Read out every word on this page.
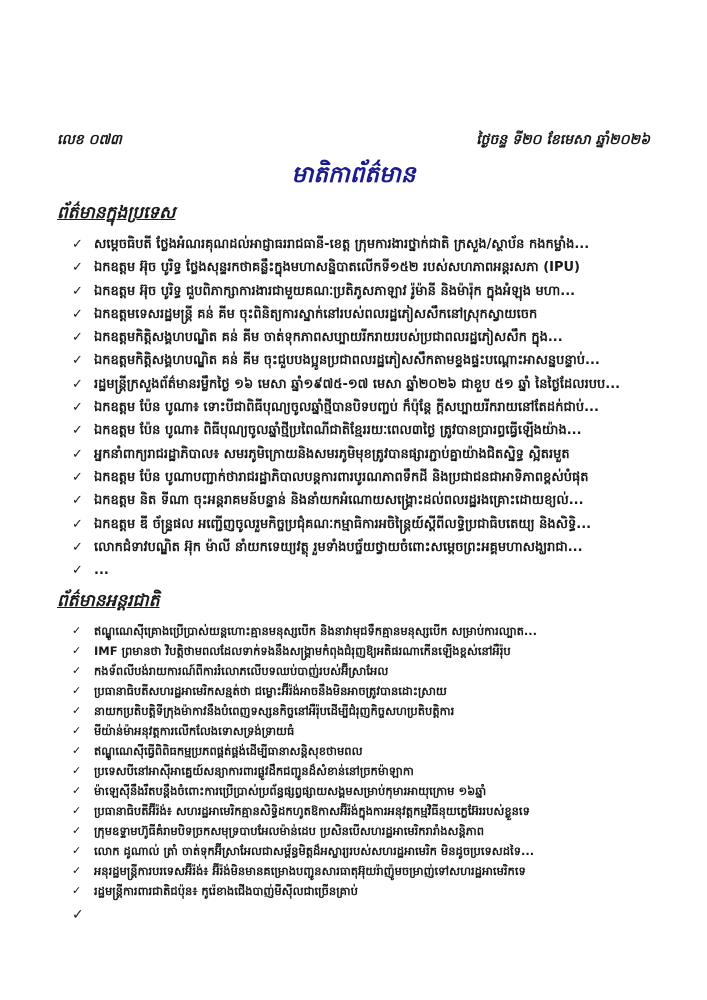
លេខ ០៧៣	ថ្ងៃចន្ទ ទី២០ ខែមេសា ឆ្នាំ២០២៦
មាតិកាព័ត៌មាន
ព័ត៌មានក្នុងប្រទេស
✓ សម្តេចធិបតី ថ្លែងអំណរគុណដល់អាជ្ញាធររាជធានី-ខេត្ត ក្រុមការងារថ្នាក់ជាតិ ក្រសួង/ស្ថាប័ន កងកម្លាំង...
✓ ឯកឧត្តម អ៊ុច បូរិទ្ធ ថ្លែងសុន្ទរកថាគន្លឹះក្នុងមហាសន្និបាតលើកទី១៥២ របស់សហភាពអន្តរសភា (IPU)
✓ ឯកឧត្តម អ៊ុច បូរិទ្ធ ជួបពិភាក្សាការងារជាមួយគណៈប្រតិភូសភាឡាវ រ៉ូម៉ានី និងម៉ារ៉ុក ក្នុងអំឡុង មហា...
✓ ឯកឧត្តមទេសរដ្ឋមន្ត្រី គន់ គីម ចុះពិនិត្យការស្នាក់នៅរបស់ពលរដ្ឋភៀសសឹកនៅស្រុកស្វាយចេក
✓ ឯកឧត្តមកិត្តិសង្គហបណ្ឌិត គន់ គីម ចាត់ទុកភាពសប្បាយរីករាយរបស់ប្រជាពលរដ្ឋភៀសសឹក ក្នុង...
✓ ឯកឧត្តមកិត្តិសង្គហបណ្ឌិត គន់ គីម ចុះជួបបងប្អូនប្រជាពលរដ្ឋភៀសសឹកតាមខ្ទងផ្ទះបណ្តោះអាសន្នបន្ទាប់...
✓ រដ្ឋមន្ត្រីក្រសួងព័ត៌មានរម្លឹកថ្ងៃ ១៦ មេសា ឆ្នាំ១៩៧៥-១៧ មេសា ឆ្នាំ២០២៦ ជាខួប ៥១ ឆ្នាំ នៃថ្ងៃដែលរបប...
✓ ឯកឧត្តម ប៉ែន បូណា៖ ទោះបីជាពិធីបុណ្យចូលឆ្នាំថ្មីបានបិទបញ្ចប់ ក៏ប៉ុន្តែ ក្តីសប្បាយរីករាយនៅតែដក់ជាប់...
✓ ឯកឧត្តម ប៉ែន បូណា៖ ពិធីបុណ្យចូលឆ្នាំថ្មីប្រពៃណីជាតិខ្មែររយៈពេល៣ថ្ងៃ ត្រូវបានប្រារព្ធធ្វើឡើងយ៉ាង...
✓ អ្នកនាំពាក្យរាជរដ្ឋាភិបាល៖ សមរភូមិក្រោយនិងសមរភូមិមុខត្រូវបានផ្សារភ្ជាប់គ្នាយ៉ាងជិតស្និទ្ធ ស្អិតរមួត
✓ ឯកឧត្តម ប៉ែន បូណាបញ្ជាក់ថារាជរដ្ឋាភិបាលបន្តការពារបូរណភាពទឹកដី និងប្រជាជនជាអាទិភាពខ្ពស់បំផុត
✓ ឯកឧត្តម និត ទីណា ចុះអន្តរាគមន៍បន្ទាន់ និងនាំយកអំណោយសង្គ្រោះដល់ពលរដ្ឋរងគ្រោះដោយខ្យល់...
✓ ឯកឧត្តម ឌី ច័ន្ទ្រផល អញ្ជើញចូលរួមកិច្ចប្រជុំគណៈកម្មាធិការអចិន្ត្រៃយ៍ស្តីពីលទ្ធិប្រជាធិបតេយ្យ និងសិទ្ធិ...
✓ លោកជំទាវបណ្ឌិត អ៊ុក ម៉ាលី នាំយកទេយ្យវត្ថុ រួមទាំងបច្ច័យថ្វាយចំពោះសម្តេចព្រះអគ្គមហាសង្ឃរាជា...
✓ ...
ព័ត៌មានអន្តរជាតិ
✓	ឥណ្ឌូណេស៊ីគ្រោងប្រើប្រាស់យន្តហោះគ្មានមនុស្សបើក និងនាវាមុជទឹកគ្មានមនុស្សបើក សម្រាប់ការល្បាត...
✓	IMF ព្រមានថា វិបត្តិថាមពលដែលទាក់ទងនឹងសង្គ្រាមកំពុងជំរុញឱ្យអតិផរណាកើនឡើងខ្ពស់នៅអឺរ៉ុប
✓	កងទ័ពលីបង់រាយការណ៍ពីការរំលោភលើបទឈប់បាញ់របស់អ៊ីស្រាអែល
✓	ប្រធានាធិបតីសហរដ្ឋអាមេរិកសន្មត់ថា ជម្លោះអ៊ីរ៉ង់អាចនឹងមិនអាចត្រូវបានដោះស្រាយ
✓	នាយកប្រតិបត្តិទីក្រុងម៉ាកាវនឹងបំពេញទស្សនកិច្ចនៅអឺរ៉ុបដើម្បីជំរុញកិច្ចសហប្រតិបត្តិការ
✓	មីយ៉ាន់ម៉ាអនុវត្តការលើកលែងទោសទ្រង់ទ្រាយធំ
✓	ឥណ្ឌូណេស៊ីធ្វើពិពិធកម្មប្រភពផ្គត់ផ្គង់ដើម្បីធានាសន្តិសុខថាមពល
✓	ប្រទេសបីនៅអាស៊ីអាគ្នេយ៍សន្យាការពារផ្លូវដឹកជញ្ជូនដ៏សំខាន់នៅច្រកម៉ាឡាកា
✓	ម៉ាឡេស៊ីនឹងរឹតបន្តឹងចំពោះការប្រើប្រាស់ប្រព័ន្ធផ្សព្វផ្សាយសង្គមសម្រាប់កុមារអាយុក្រោម ១៦ឆ្នាំ
✓	ប្រធានាធិបតីអ៊ីរ៉ង់៖ សហរដ្ឋអាមេរិកគ្មានសិទ្ធិដកហូតឱកាសអ៊ីរ៉ង់ក្នុងការអនុវត្តកម្មវិធីនុយក្លេអ៊ែររបស់ខ្លួនទេ
✓	ក្រុមឧទ្ទាមហ៊ូធីគំរាមបិទច្រកសមុទ្របាបអែលម៉ាន់ដេប ប្រសិនបើសហរដ្ឋអាមេរិករារាំងសន្តិភាព
✓	លោក ដូណាល់ ត្រាំ ចាត់ទុកអ៊ីស្រាអែលជាសម្ព័ន្ធមិត្តដ៏អស្ចារ្យរបស់សហរដ្ឋអាមេរិក មិនដូចប្រទេសដទៃ...
✓	អនុរដ្ឋមន្ត្រីការបរទេសអ៊ីរ៉ង់៖ អ៊ីរ៉ង់មិនមានគម្រោងបញ្ជូនសារធាតុអ៊ុយរ៉ាញ៉ូមចម្រាញ់ទៅសហរដ្ឋអាមេរិកទេ
✓	រដ្ឋមន្ត្រីការពារជាតិជប៉ុន៖ កូរ៉េខាងជើងបាញ់មីស៊ីលជាច្រើនគ្រាប់
✓
